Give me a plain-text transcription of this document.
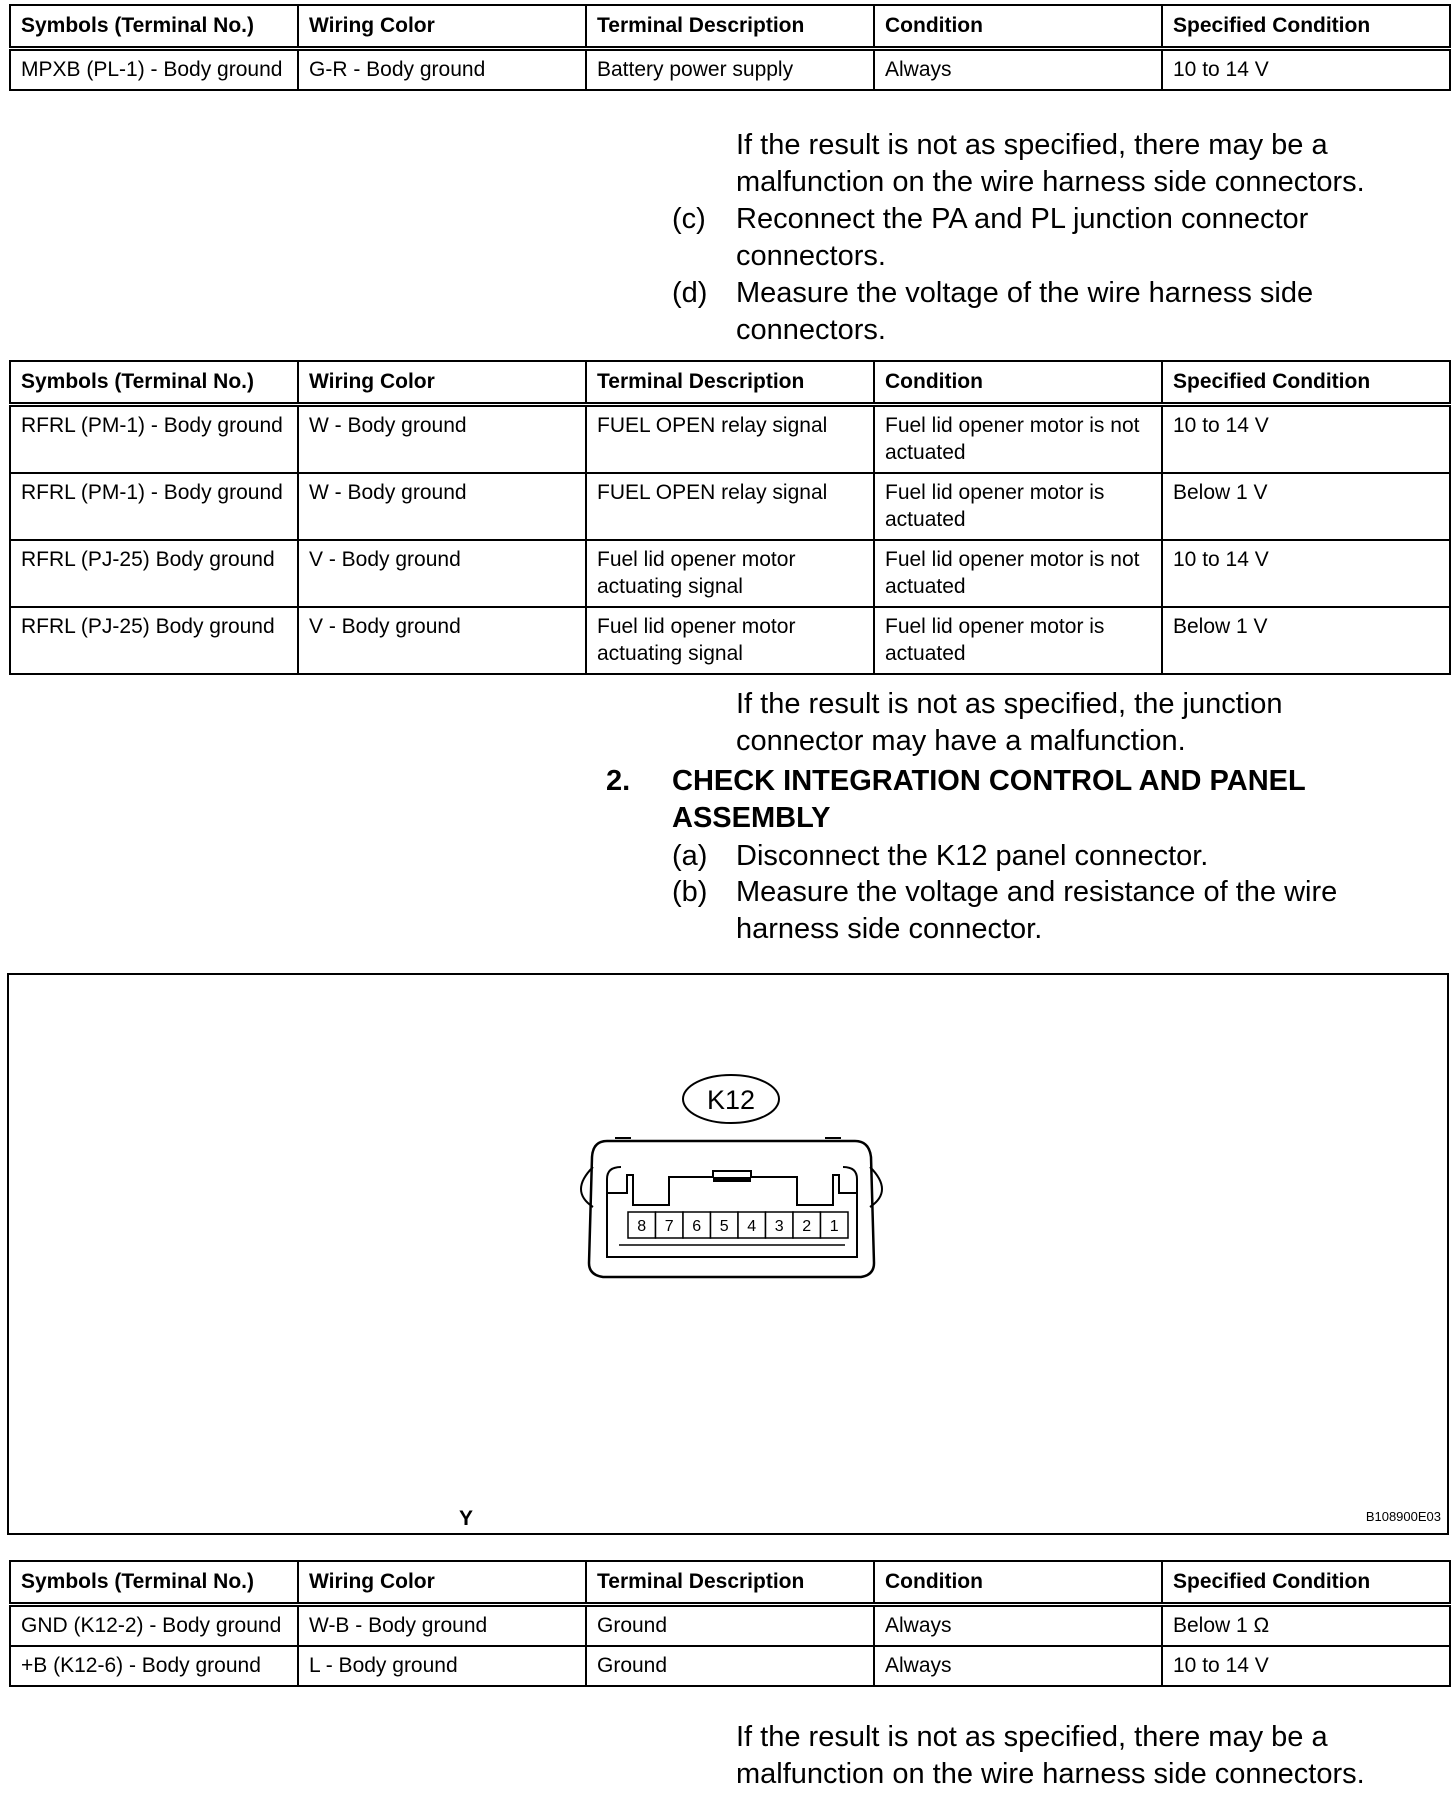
Symbols (Terminal No.)	Wiring Color	Terminal Description	Condition	Specified Condition
MPXB (PL-1) - Body ground	G-R - Body ground	Battery power supply	Always	10 to 14 V
If the result is not as specified, there may be a malfunction on the wire harness side connectors.
(c)	Reconnect the PA and PL junction connector connectors.
(d) Measure the voltage of the wire harness side connectors.
Symbols (Terminal No.)	Wiring Color	Terminal Description	Condition	Specified Condition
RFRL (PM-1) - Body ground	W - Body ground	FUEL OPEN relay signal	Fuel lid opener motor is not actuated	10 to 14 V
RFRL (PM-1) - Body ground	W - Body ground	FUEL OPEN relay signal	Fuel lid opener motor is actuated	Below 1 V
RFRL (PJ-25) Body ground	V - Body ground	Fuel lid opener motor actuating signal	Fuel lid opener motor is not actuated	10 to 14 V
RFRL (PJ-25) Body ground	V - Body ground	Fuel lid opener motor actuating signal	Fuel lid opener motor is actuated	Below 1 V
If the result is not as specified, the junction connector may have a malfunction.
2. CHECK INTEGRATION CONTROL AND PANEL ASSEMBLY
(a) Disconnect the K12 panel connector.
(b) Measure the voltage and resistance of the wire harness side connector.
K12
8 7 6 5 4 3 2 1
Y	B108900E03
Symbols (Terminal No.)	Wiring Color	Terminal Description	Condition	Specified Condition
GND (K12-2) - Body ground	W-B - Body ground	Ground	Always	Below 1 Ω
+B (K12-6) - Body ground	L - Body ground	Ground	Always	10 to 14 V
If the result is not as specified, there may be a malfunction on the wire harness side connectors.
